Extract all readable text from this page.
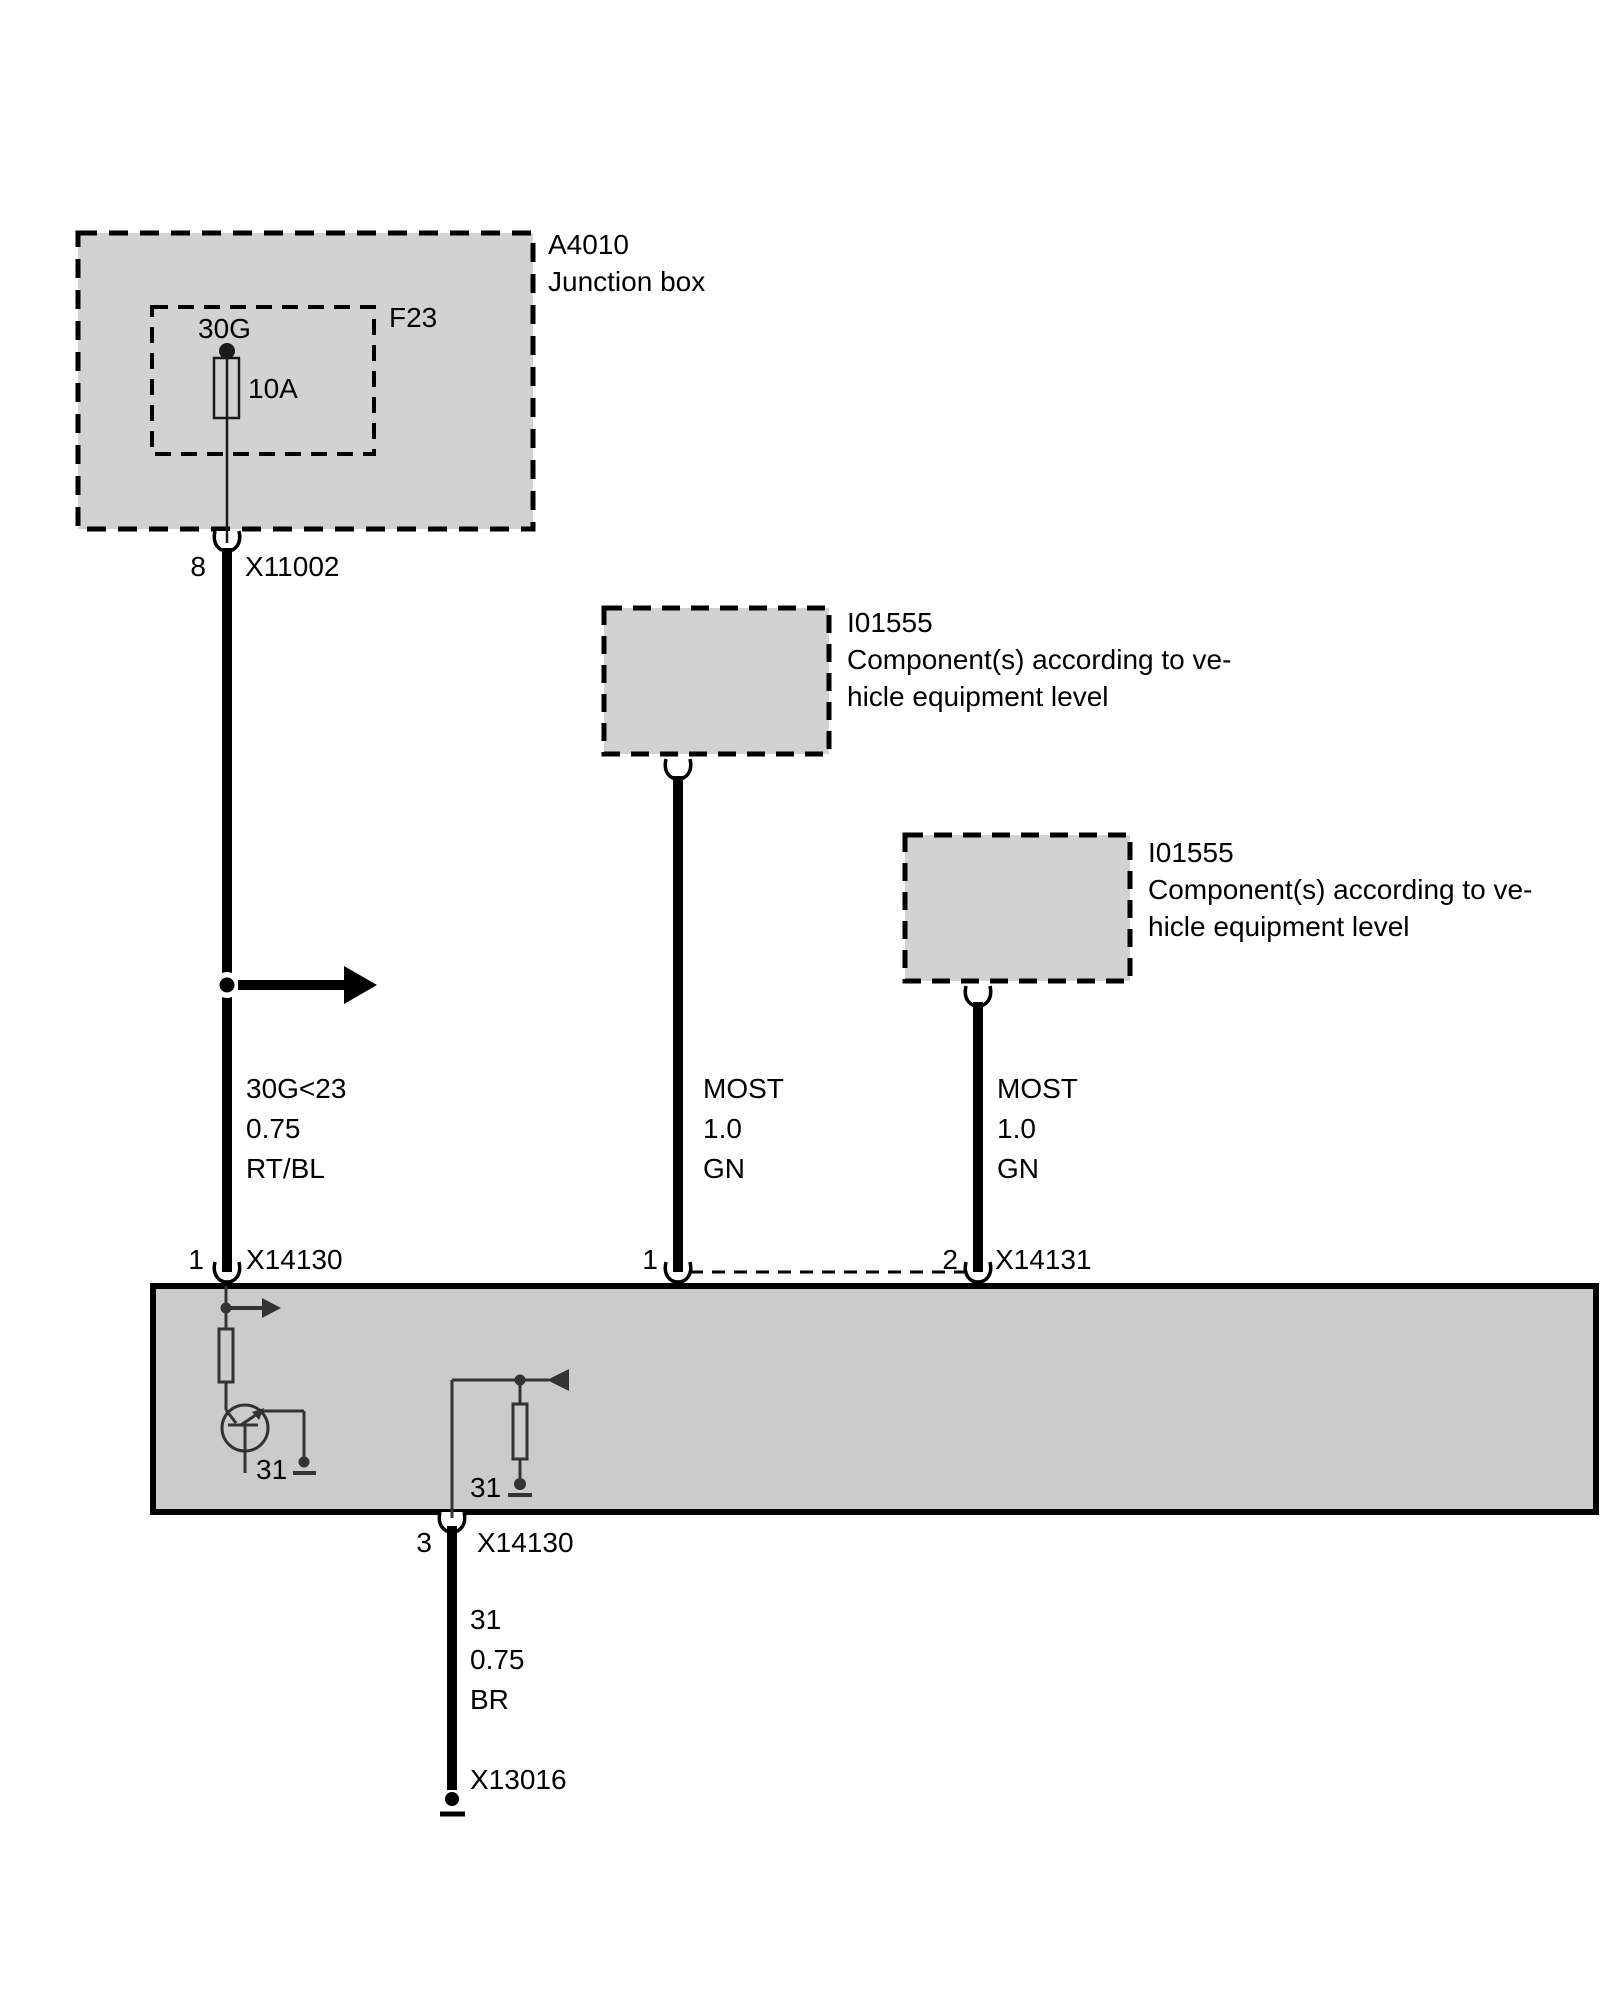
A4010
Junction box
F23
30G
10A
8 X11002
I01555
Component(s) according to ve-
hicle equipment level
I01555
Component(s) according to ve-
hicle equipment level
30G<23
0.75
RT/BL
MOST
1.0
GN
MOST
1.0
GN
1 X14130	1	2 X14131
31
31
3 X14130
31
0.75
BR
X13016
